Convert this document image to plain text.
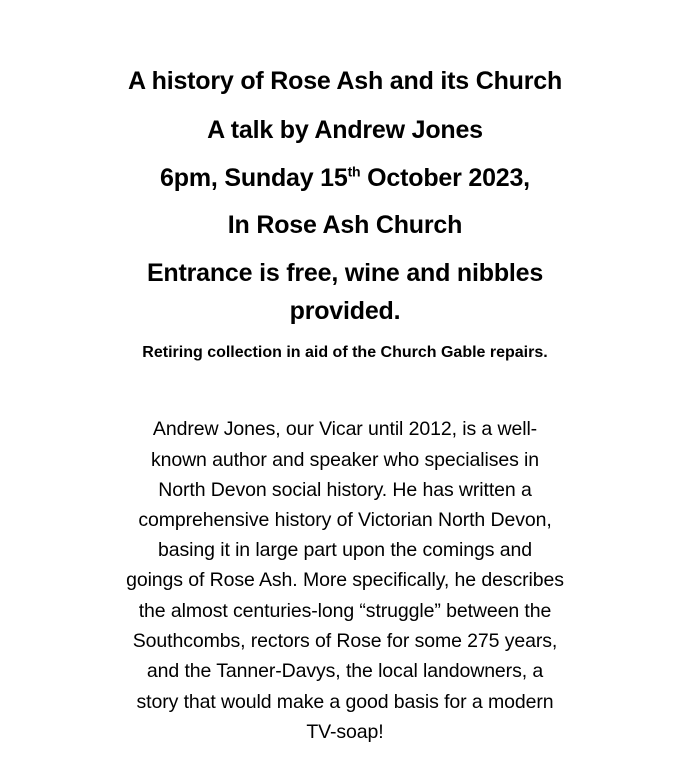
A history of Rose Ash and its Church

A talk by Andrew Jones

6pm, Sunday 15th October 2023,

In Rose Ash Church

Entrance is free, wine and nibbles

provided.

Retiring collection in aid of the Church Gable repairs.

Andrew Jones, our Vicar until 2012, is a well-

known author and speaker who specialises in

North Devon social history. He has written a

comprehensive history of Victorian North Devon,

basing it in large part upon the comings and

goings of Rose Ash. More specifically, he describes

the almost centuries-long “struggle” between the

Southcombs, rectors of Rose for some 275 years,

and the Tanner-Davys, the local landowners, a

story that would make a good basis for a modern

TV-soap!
